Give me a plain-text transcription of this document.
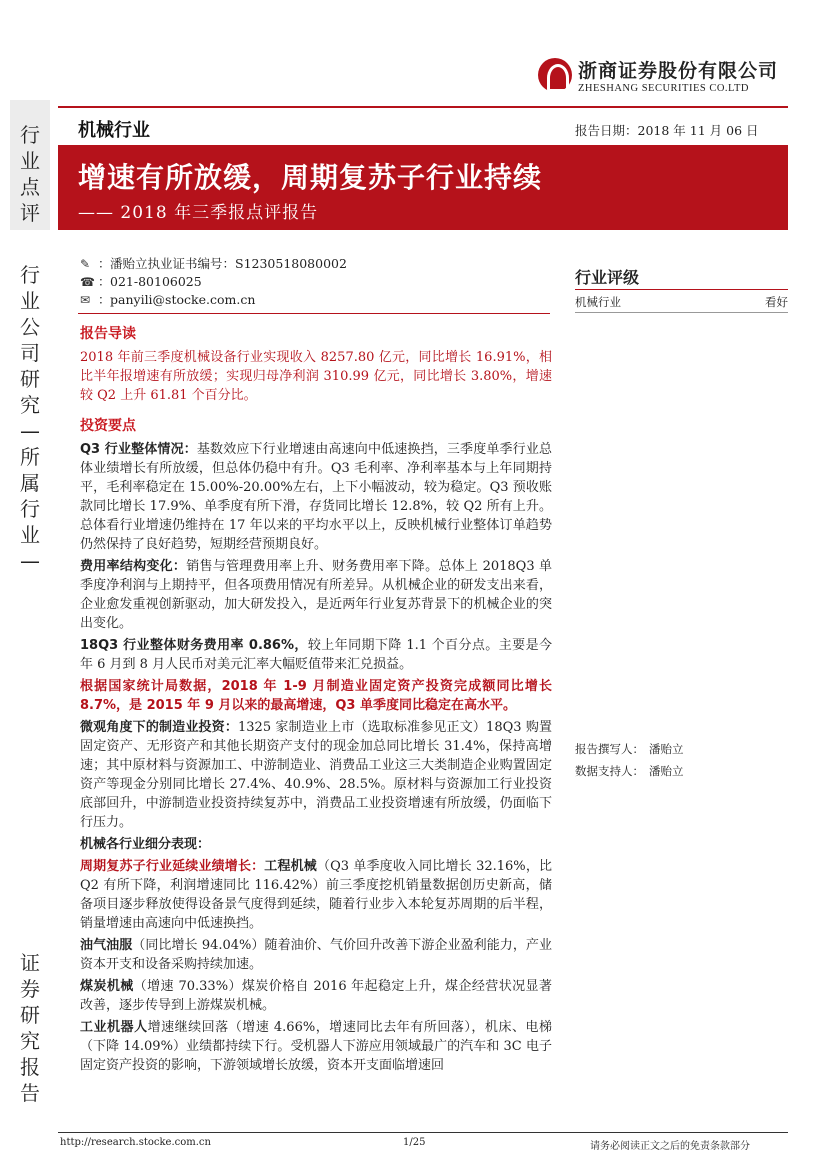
行
业
点
评
行
业
公
司
研
究
—
所
属
行
业
—
证
券
研
究
报
告
浙商证券股份有限公司
ZHESHANG SECURITIES CO.LTD
机械行业	报告日期：2018 年 11 月 06 日
增速有所放缓，周期复苏子行业持续
—— 2018 年三季报点评报告
✎ ： 潘贻立执业证书编号：S1230518080002
☎ ： 021-80106025
✉ ： panyili@stocke.com.cn
行业评级
机械行业	看好
报告撰写人： 潘贻立
数据支持人： 潘贻立
报告导读
2018 年前三季度机械设备行业实现收入 8257.80 亿元，同比增长 16.91%，相比半年报增速有所放缓；实现归母净利润 310.99 亿元，同比增长 3.80%，增速较 Q2 上升 61.81 个百分比。
投资要点
Q3 行业整体情况：基数效应下行业增速由高速向中低速换挡，三季度单季行业总体业绩增长有所放缓，但总体仍稳中有升。Q3 毛利率、净利率基本与上年同期持平，毛利率稳定在 15.00%-20.00%左右，上下小幅波动，较为稳定。Q3 预收账款同比增长 17.9%、单季度有所下滑，存货同比增长 12.8%，较 Q2 所有上升。总体看行业增速仍维持在 17 年以来的平均水平以上，反映机械行业整体订单趋势仍然保持了良好趋势，短期经营预期良好。
费用率结构变化：销售与管理费用率上升、财务费用率下降。总体上 2018Q3 单季度净利润与上期持平，但各项费用情况有所差异。从机械企业的研发支出来看，企业愈发重视创新驱动，加大研发投入，是近两年行业复苏背景下的机械企业的突出变化。
18Q3 行业整体财务费用率 0.86%，较上年同期下降 1.1 个百分点。主要是今年 6 月到 8 月人民币对美元汇率大幅贬值带来汇兑损益。
根据国家统计局数据，2018 年 1-9 月制造业固定资产投资完成额同比增长 8.7%，是 2015 年 9 月以来的最高增速，Q3 单季度同比稳定在高水平。
微观角度下的制造业投资：1325 家制造业上市（选取标准参见正文）18Q3 购置固定资产、无形资产和其他长期资产支付的现金加总同比增长 31.4%，保持高增速；其中原材料与资源加工、中游制造业、消费品工业这三大类制造企业购置固定资产等现金分别同比增长 27.4%、40.9%、28.5%。原材料与资源加工行业投资底部回升，中游制造业投资持续复苏中，消费品工业投资增速有所放缓，仍面临下行压力。
机械各行业细分表现：
周期复苏子行业延续业绩增长：工程机械（Q3 单季度收入同比增长 32.16%，比 Q2 有所下降，利润增速同比 116.42%）前三季度挖机销量数据创历史新高，储备项目逐步释放使得设备景气度得到延续，随着行业步入本轮复苏周期的后半程，销量增速由高速向中低速换挡。
油气油服（同比增长 94.04%）随着油价、气价回升改善下游企业盈利能力，产业资本开支和设备采购持续加速。
煤炭机械（增速 70.33%）煤炭价格自 2016 年起稳定上升，煤企经营状况显著改善，逐步传导到上游煤炭机械。
工业机器人增速继续回落（增速 4.66%，增速同比去年有所回落），机床、电梯（下降 14.09%）业绩都持续下行。受机器人下游应用领域最广的汽车和 3C 电子固定资产投资的影响，下游领域增长放缓，资本开支面临增速回
http://research.stocke.com.cn	1/25	请务必阅读正文之后的免责条款部分
